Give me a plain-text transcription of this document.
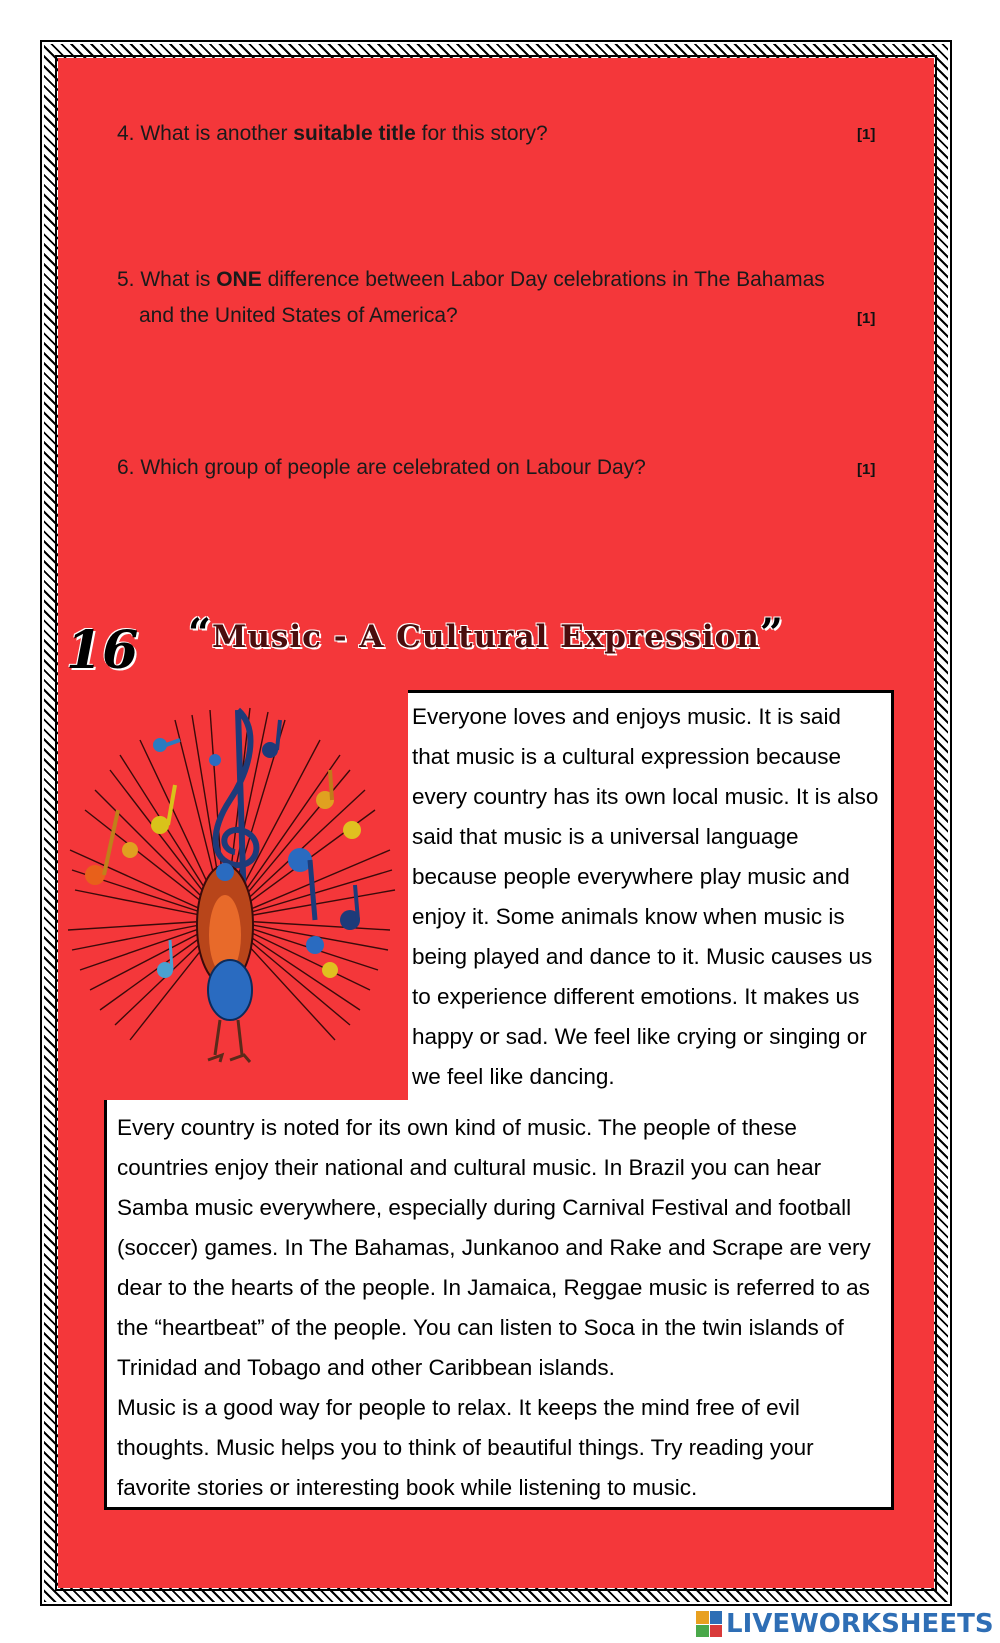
4. What is another suitable title for this story?	[1]
5. What is ONE difference between Labor Day celebrations in The Bahamas
and the United States of America?	[1]
6. Which group of people are celebrated on Labour Day?	[1]
16 “Music - A Cultural Expression”

Everyone loves and enjoys music. It is said that music is a cultural expression because every country has its own local music. It is also said that music is a universal language because people everywhere play music and enjoy it. Some animals know when music is being played and dance to it. Music causes us to experience different emotions. It makes us happy or sad. We feel like crying or singing or we feel like dancing.

Every country is noted for its own kind of music. The people of these countries enjoy their national and cultural music. In Brazil you can hear Samba music everywhere, especially during Carnival Festival and football (soccer) games. In The Bahamas, Junkanoo and Rake and Scrape are very dear to the hearts of the people. In Jamaica, Reggae music is referred to as the “heartbeat” of the people. You can listen to Soca in the twin islands of Trinidad and Tobago and other Caribbean islands.

Music is a good way for people to relax. It keeps the mind free of evil thoughts. Music helps you to think of beautiful things. Try reading your favorite stories or interesting book while listening to music.

LIVEWORKSHEETS
